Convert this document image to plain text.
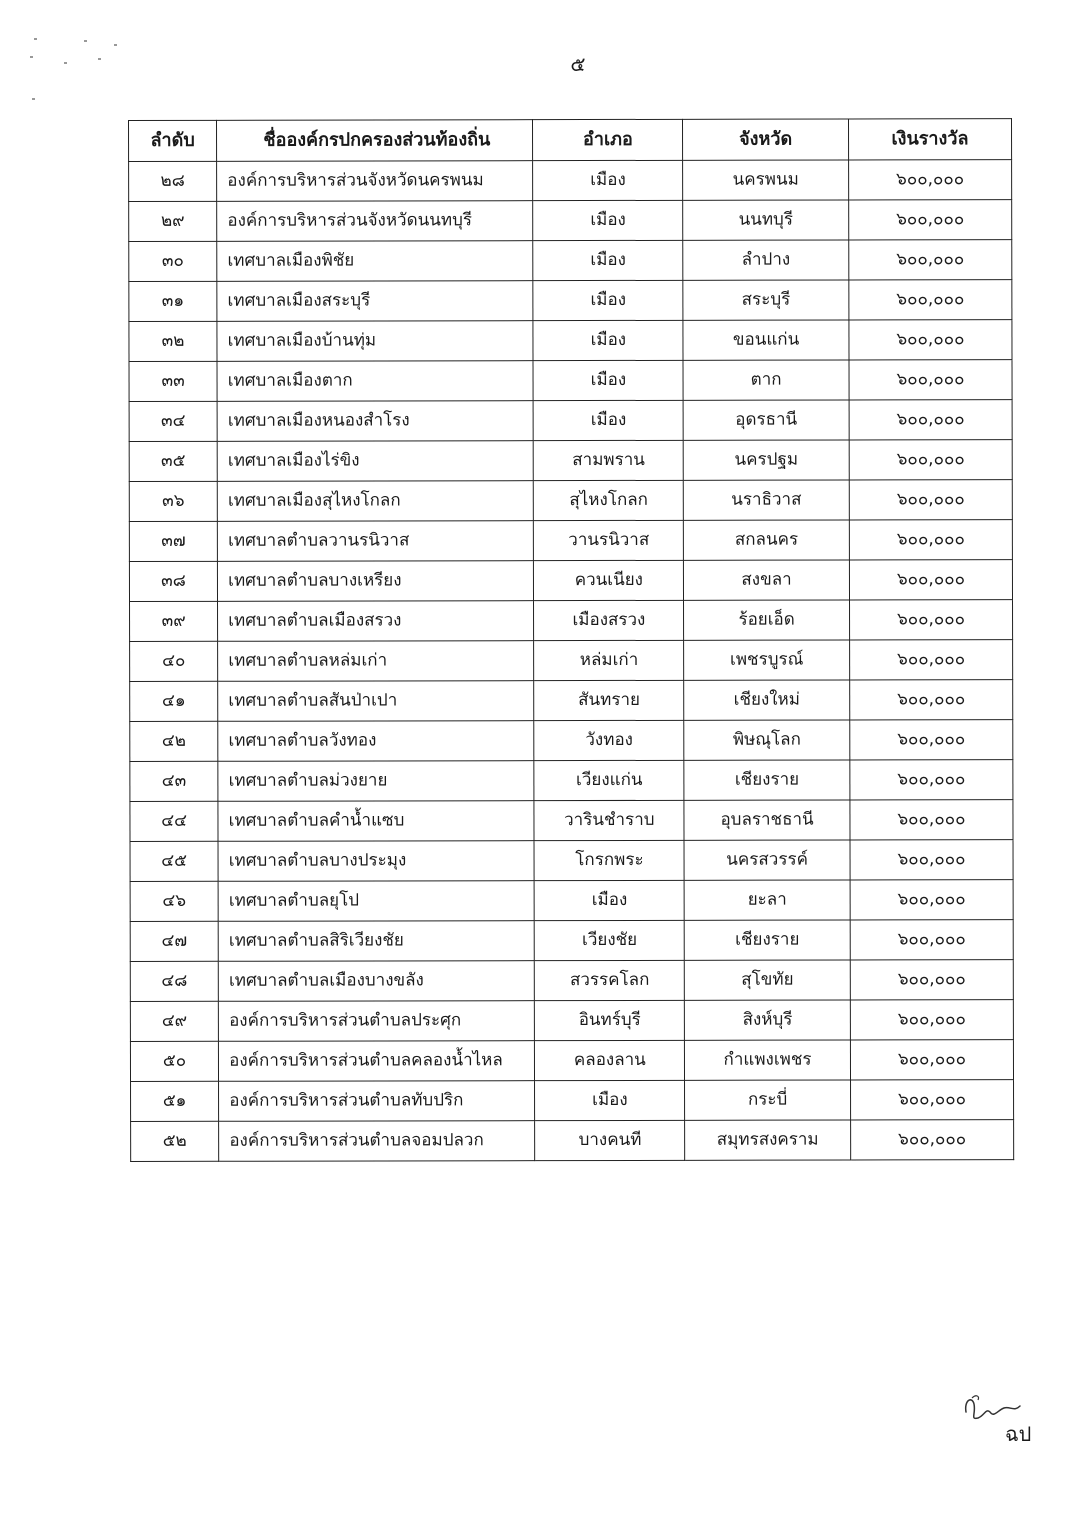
๕
ลำดับ	ชื่อองค์กรปกครองส่วนท้องถิ่น	อำเภอ	จังหวัด	เงินรางวัล
๒๘	องค์การบริหารส่วนจังหวัดนครพนม	เมือง	นครพนม	๖๐๐,๐๐๐
๒๙	องค์การบริหารส่วนจังหวัดนนทบุรี	เมือง	นนทบุรี	๖๐๐,๐๐๐
๓๐	เทศบาลเมืองพิชัย	เมือง	ลำปาง	๖๐๐,๐๐๐
๓๑	เทศบาลเมืองสระบุรี	เมือง	สระบุรี	๖๐๐,๐๐๐
๓๒	เทศบาลเมืองบ้านทุ่ม	เมือง	ขอนแก่น	๖๐๐,๐๐๐
๓๓	เทศบาลเมืองตาก	เมือง	ตาก	๖๐๐,๐๐๐
๓๔	เทศบาลเมืองหนองสำโรง	เมือง	อุดรธานี	๖๐๐,๐๐๐
๓๕	เทศบาลเมืองไร่ขิง	สามพราน	นครปฐม	๖๐๐,๐๐๐
๓๖	เทศบาลเมืองสุไหงโกลก	สุไหงโกลก	นราธิวาส	๖๐๐,๐๐๐
๓๗	เทศบาลตำบลวานรนิวาส	วานรนิวาส	สกลนคร	๖๐๐,๐๐๐
๓๘	เทศบาลตำบลบางเหรียง	ควนเนียง	สงขลา	๖๐๐,๐๐๐
๓๙	เทศบาลตำบลเมืองสรวง	เมืองสรวง	ร้อยเอ็ด	๖๐๐,๐๐๐
๔๐	เทศบาลตำบลหล่มเก่า	หล่มเก่า	เพชรบูรณ์	๖๐๐,๐๐๐
๔๑	เทศบาลตำบลสันป่าเปา	สันทราย	เชียงใหม่	๖๐๐,๐๐๐
๔๒	เทศบาลตำบลวังทอง	วังทอง	พิษณุโลก	๖๐๐,๐๐๐
๔๓	เทศบาลตำบลม่วงยาย	เวียงแก่น	เชียงราย	๖๐๐,๐๐๐
๔๔	เทศบาลตำบลคำน้ำแซบ	วารินชำราบ	อุบลราชธานี	๖๐๐,๐๐๐
๔๕	เทศบาลตำบลบางประมุง	โกรกพระ	นครสวรรค์	๖๐๐,๐๐๐
๔๖	เทศบาลตำบลยุโป	เมือง	ยะลา	๖๐๐,๐๐๐
๔๗	เทศบาลตำบลสิริเวียงชัย	เวียงชัย	เชียงราย	๖๐๐,๐๐๐
๔๘	เทศบาลตำบลเมืองบางขลัง	สวรรคโลก	สุโขทัย	๖๐๐,๐๐๐
๔๙	องค์การบริหารส่วนตำบลประศุก	อินทร์บุรี	สิงห์บุรี	๖๐๐,๐๐๐
๕๐	องค์การบริหารส่วนตำบลคลองน้ำไหล	คลองลาน	กำแพงเพชร	๖๐๐,๐๐๐
๕๑	องค์การบริหารส่วนตำบลทับปริก	เมือง	กระบี่	๖๐๐,๐๐๐
๕๒	องค์การบริหารส่วนตำบลจอมปลวก	บางคนที	สมุทรสงคราม	๖๐๐,๐๐๐
ฉป
